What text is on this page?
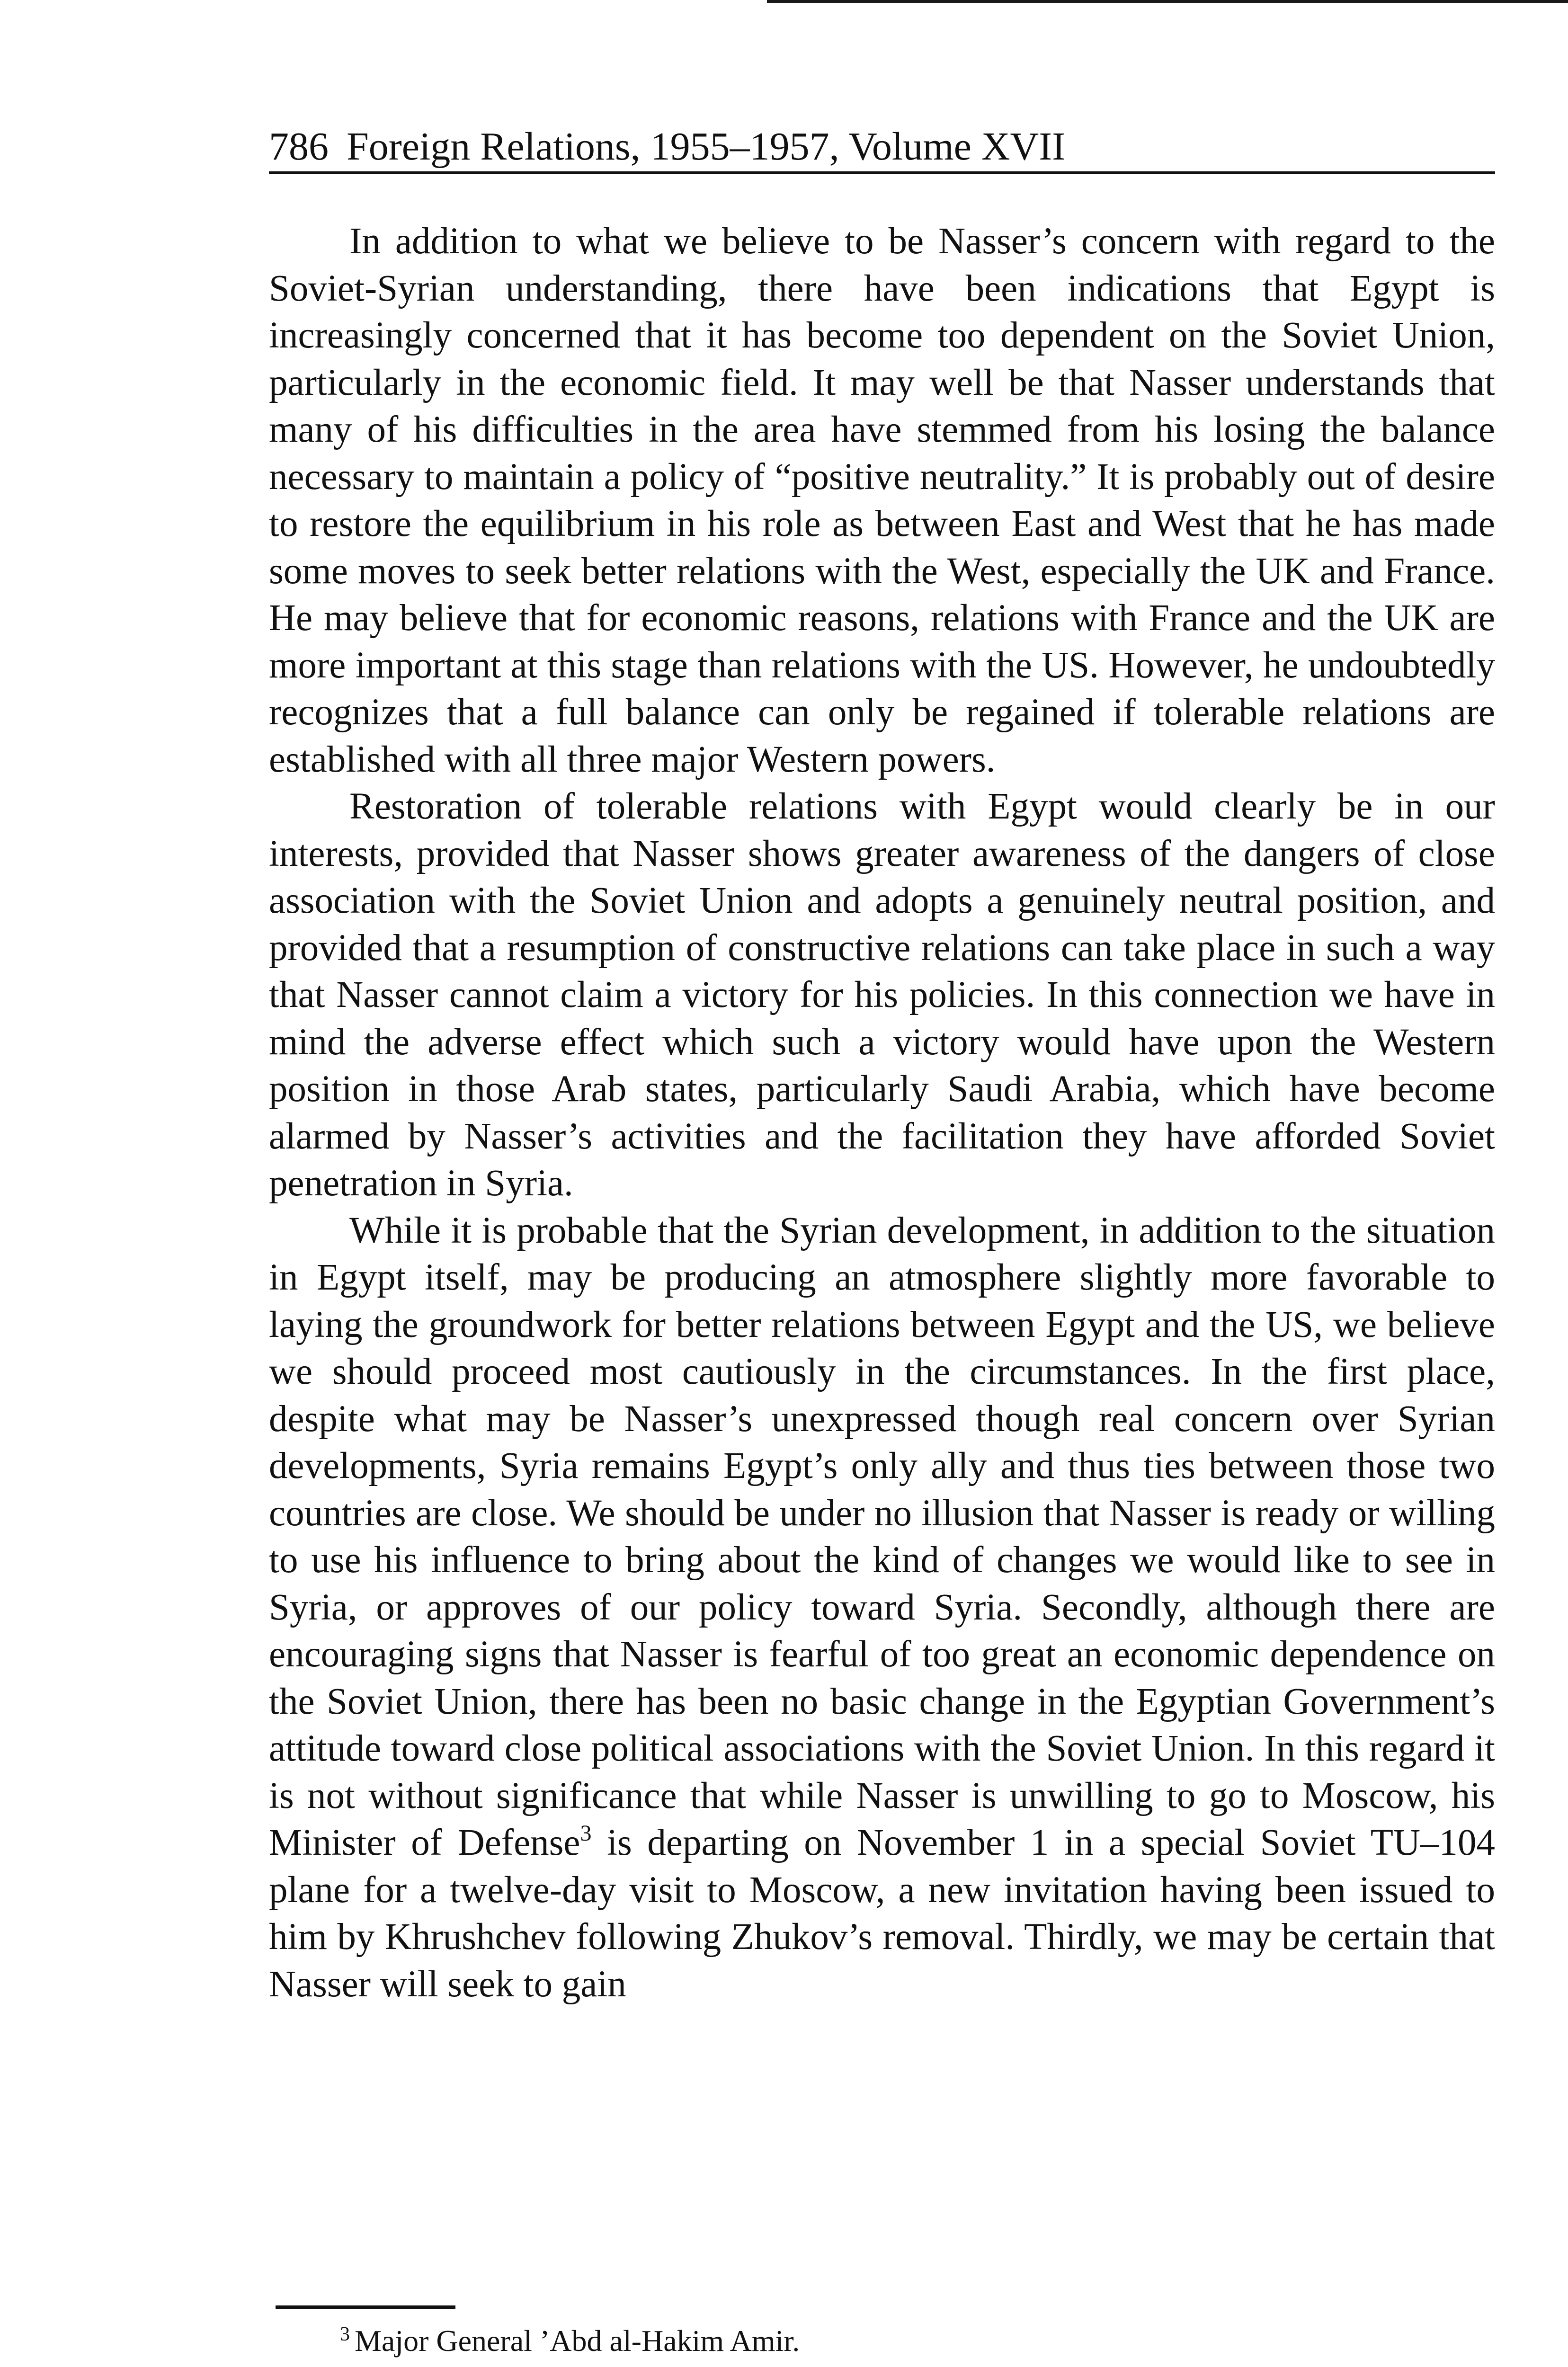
786 Foreign Relations, 1955–1957, Volume XVII

In addition to what we believe to be Nasser’s concern with regard to the Soviet-Syrian understanding, there have been indications that Egypt is increasingly concerned that it has become too dependent on the Soviet Union, particularly in the economic field. It may well be that Nasser understands that many of his difficulties in the area have stemmed from his losing the balance necessary to maintain a policy of “positive neutrality.” It is probably out of desire to restore the equilibrium in his role as between East and West that he has made some moves to seek better relations with the West, especially the UK and France. He may believe that for economic reasons, relations with France and the UK are more important at this stage than relations with the US. However, he undoubtedly recognizes that a full balance can only be regained if tolerable relations are established with all three major Western powers.

Restoration of tolerable relations with Egypt would clearly be in our interests, provided that Nasser shows greater awareness of the dangers of close association with the Soviet Union and adopts a genuinely neutral position, and provided that a resumption of constructive relations can take place in such a way that Nasser cannot claim a victory for his policies. In this connection we have in mind the adverse effect which such a victory would have upon the Western position in those Arab states, particularly Saudi Arabia, which have become alarmed by Nasser’s activities and the facilitation they have afforded Soviet penetration in Syria.

While it is probable that the Syrian development, in addition to the situation in Egypt itself, may be producing an atmosphere slightly more favorable to laying the groundwork for better relations between Egypt and the US, we believe we should proceed most cautiously in the circumstances. In the first place, despite what may be Nasser’s unexpressed though real concern over Syrian developments, Syria remains Egypt’s only ally and thus ties between those two countries are close. We should be under no illusion that Nasser is ready or willing to use his influence to bring about the kind of changes we would like to see in Syria, or approves of our policy toward Syria. Secondly, although there are encouraging signs that Nasser is fearful of too great an economic dependence on the Soviet Union, there has been no basic change in the Egyptian Government’s attitude toward close political associations with the Soviet Union. In this regard it is not without significance that while Nasser is unwilling to go to Moscow, his Minister of Defense$^3$ is departing on November 1 in a special Soviet TU–104 plane for a twelve-day visit to Moscow, a new invitation having been issued to him by Khrushchev following Zhukov’s removal. Thirdly, we may be certain that Nasser will seek to gain

$^3$ Major General ’Abd al-Hakim Amir.
